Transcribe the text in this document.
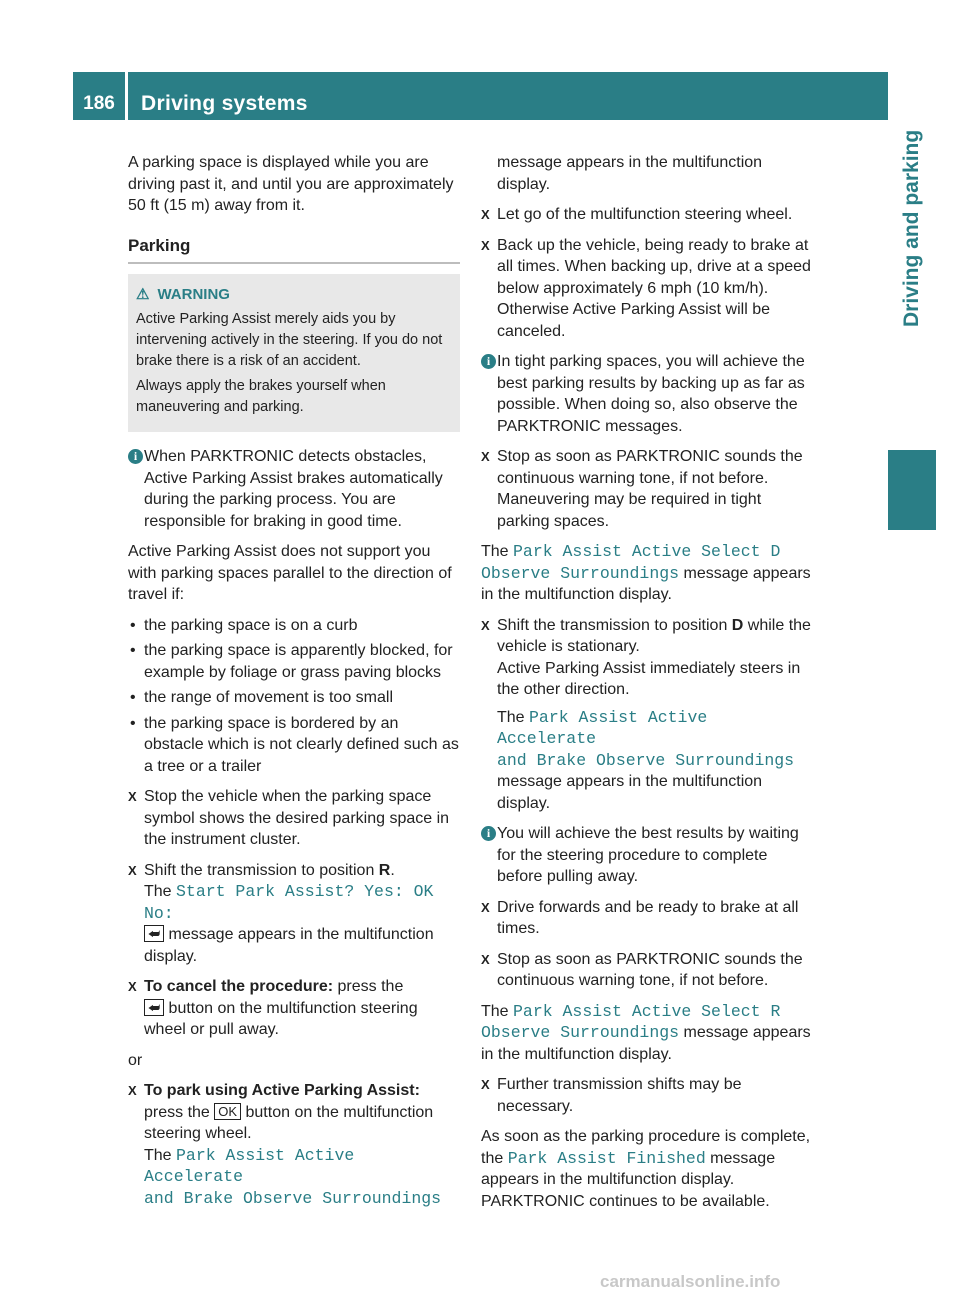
186	Driving systems
Driving and parking

A parking space is displayed while you are driving past it, and until you are approximately 50 ft (15 m) away from it.

Parking
⚠ WARNING

Active Parking Assist merely aids you by intervening actively in the steering. If you do not brake there is a risk of an accident.

Always apply the brakes yourself when maneuvering and parking.

i When PARKTRONIC detects obstacles, Active Parking Assist brakes automatically during the parking process. You are responsible for braking in good time.

Active Parking Assist does not support you with parking spaces parallel to the direction of travel if:

• the parking space is on a curb
• the parking space is apparently blocked, for example by foliage or grass paving blocks
• the range of movement is too small
• the parking space is bordered by an obstacle which is not clearly defined such as a tree or a trailer
X Stop the vehicle when the parking space symbol shows the desired parking space in the instrument cluster.
X Shift the transmission to position R.
The Start Park Assist? Yes: OK No:
⮨ message appears in the multifunction display.
X To cancel the procedure: press the
⮨ button on the multifunction steering wheel or pull away.

or

X To park using Active Parking Assist:
press the OK button on the multifunction steering wheel.
The Park Assist Active Accelerate
and Brake Observe Surroundings
message appears in the multifunction display.
X Let go of the multifunction steering wheel.
X Back up the vehicle, being ready to brake at all times. When backing up, drive at a speed below approximately 6 mph (10 km/h). Otherwise Active Parking Assist will be canceled.
i In tight parking spaces, you will achieve the best parking results by backing up as far as possible. When doing so, also observe the PARKTRONIC messages.
X Stop as soon as PARKTRONIC sounds the continuous warning tone, if not before. Maneuvering may be required in tight parking spaces.

The Park Assist Active Select D
Observe Surroundings message appears in the multifunction display.

X Shift the transmission to position D while the vehicle is stationary.
Active Parking Assist immediately steers in the other direction.
The Park Assist Active Accelerate
and Brake Observe Surroundings
message appears in the multifunction display.
i You will achieve the best results by waiting for the steering procedure to complete before pulling away.
X Drive forwards and be ready to brake at all times.
X Stop as soon as PARKTRONIC sounds the continuous warning tone, if not before.

The Park Assist Active Select R
Observe Surroundings message appears in the multifunction display.

X Further transmission shifts may be necessary.

As soon as the parking procedure is complete, the Park Assist Finished message appears in the multifunction display. PARKTRONIC continues to be available.

carmanualsonline.info
